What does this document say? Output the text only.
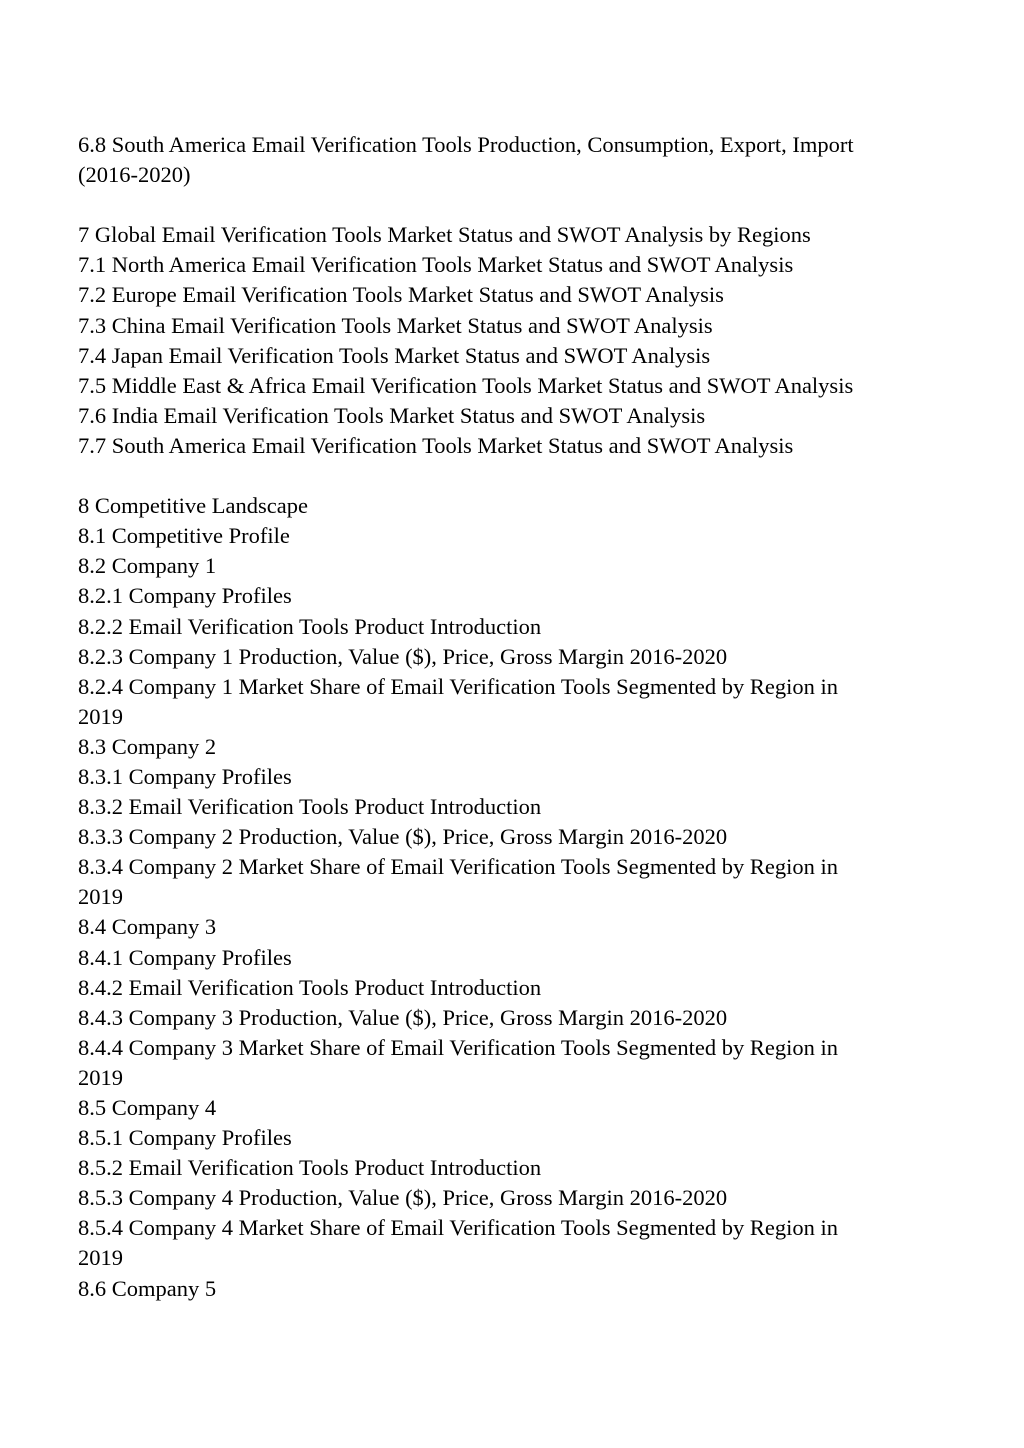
6.8 South America Email Verification Tools Production, Consumption, Export, Import
(2016-2020)
7 Global Email Verification Tools Market Status and SWOT Analysis by Regions
7.1 North America Email Verification Tools Market Status and SWOT Analysis
7.2 Europe Email Verification Tools Market Status and SWOT Analysis
7.3 China Email Verification Tools Market Status and SWOT Analysis
7.4 Japan Email Verification Tools Market Status and SWOT Analysis
7.5 Middle East & Africa Email Verification Tools Market Status and SWOT Analysis
7.6 India Email Verification Tools Market Status and SWOT Analysis
7.7 South America Email Verification Tools Market Status and SWOT Analysis
8 Competitive Landscape
8.1 Competitive Profile
8.2 Company 1
8.2.1 Company Profiles
8.2.2 Email Verification Tools Product Introduction
8.2.3 Company 1 Production, Value ($), Price, Gross Margin 2016-2020
8.2.4 Company 1 Market Share of Email Verification Tools Segmented by Region in
2019
8.3 Company 2
8.3.1 Company Profiles
8.3.2 Email Verification Tools Product Introduction
8.3.3 Company 2 Production, Value ($), Price, Gross Margin 2016-2020
8.3.4 Company 2 Market Share of Email Verification Tools Segmented by Region in
2019
8.4 Company 3
8.4.1 Company Profiles
8.4.2 Email Verification Tools Product Introduction
8.4.3 Company 3 Production, Value ($), Price, Gross Margin 2016-2020
8.4.4 Company 3 Market Share of Email Verification Tools Segmented by Region in
2019
8.5 Company 4
8.5.1 Company Profiles
8.5.2 Email Verification Tools Product Introduction
8.5.3 Company 4 Production, Value ($), Price, Gross Margin 2016-2020
8.5.4 Company 4 Market Share of Email Verification Tools Segmented by Region in
2019
8.6 Company 5
